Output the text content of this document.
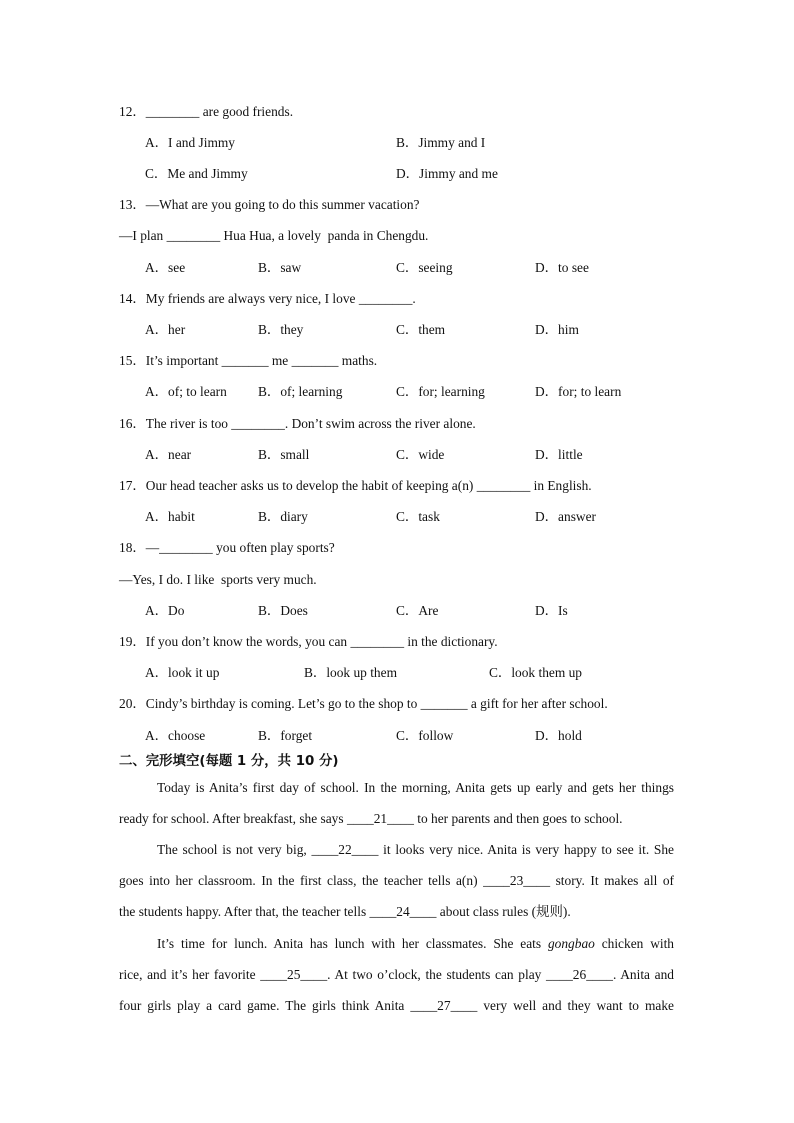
12．________ are good friends.
A．I and Jimmy	B．Jimmy and I
C．Me and Jimmy	D．Jimmy and me
13．—What are you going to do this summer vacation?
—I plan ________ Hua Hua, a lovely  panda in Chengdu.
A．see	B．saw	C．seeing	D．to see
14．My friends are always very nice, I love ________.
A．her	B．they	C．them	D．him
15．It’s important _______ me _______ maths.
A．of; to learn B．of; learning	C．for; learning	D．for; to learn
16．The river is too ________. Don’t swim across the river alone.
A．near	B．small	C．wide	D．little
17．Our head teacher asks us to develop the habit of keeping a(n) ________ in English.
A．habit	B．diary	C．task	D．answer
18．—________ you often play sports?
—Yes, I do. I like  sports very much.
A．Do	B．Does	C．Are	D．Is
19．If you don’t know the words, you can ________ in the dictionary.
A．look it up	B．look up them	C．look them up
20．Cindy’s birthday is coming. Let’s go to the shop to _______ a gift for her after school.
A．choose	B．forget	C．follow	D．hold
二、完形填空(每题 1 分，共 10 分)
Today is Anita’s first day of school. In the morning, Anita gets up early and gets her things
ready for school. After breakfast, she says ____21____ to her parents and then goes to school.
The school is not very big, ____22____ it looks very nice. Anita is very happy to see it. She
goes into her classroom. In the first class, the teacher tells a(n) ____23____ story. It makes all of
the students happy. After that, the teacher tells ____24____ about class rules (规则).
It’s time for lunch. Anita has lunch with her classmates. She eats gongbao chicken with
rice, and it’s her favorite ____25____. At two o’clock, the students can play ____26____. Anita and
four girls play a card game. The girls think Anita ____27____ very well and they want to make
